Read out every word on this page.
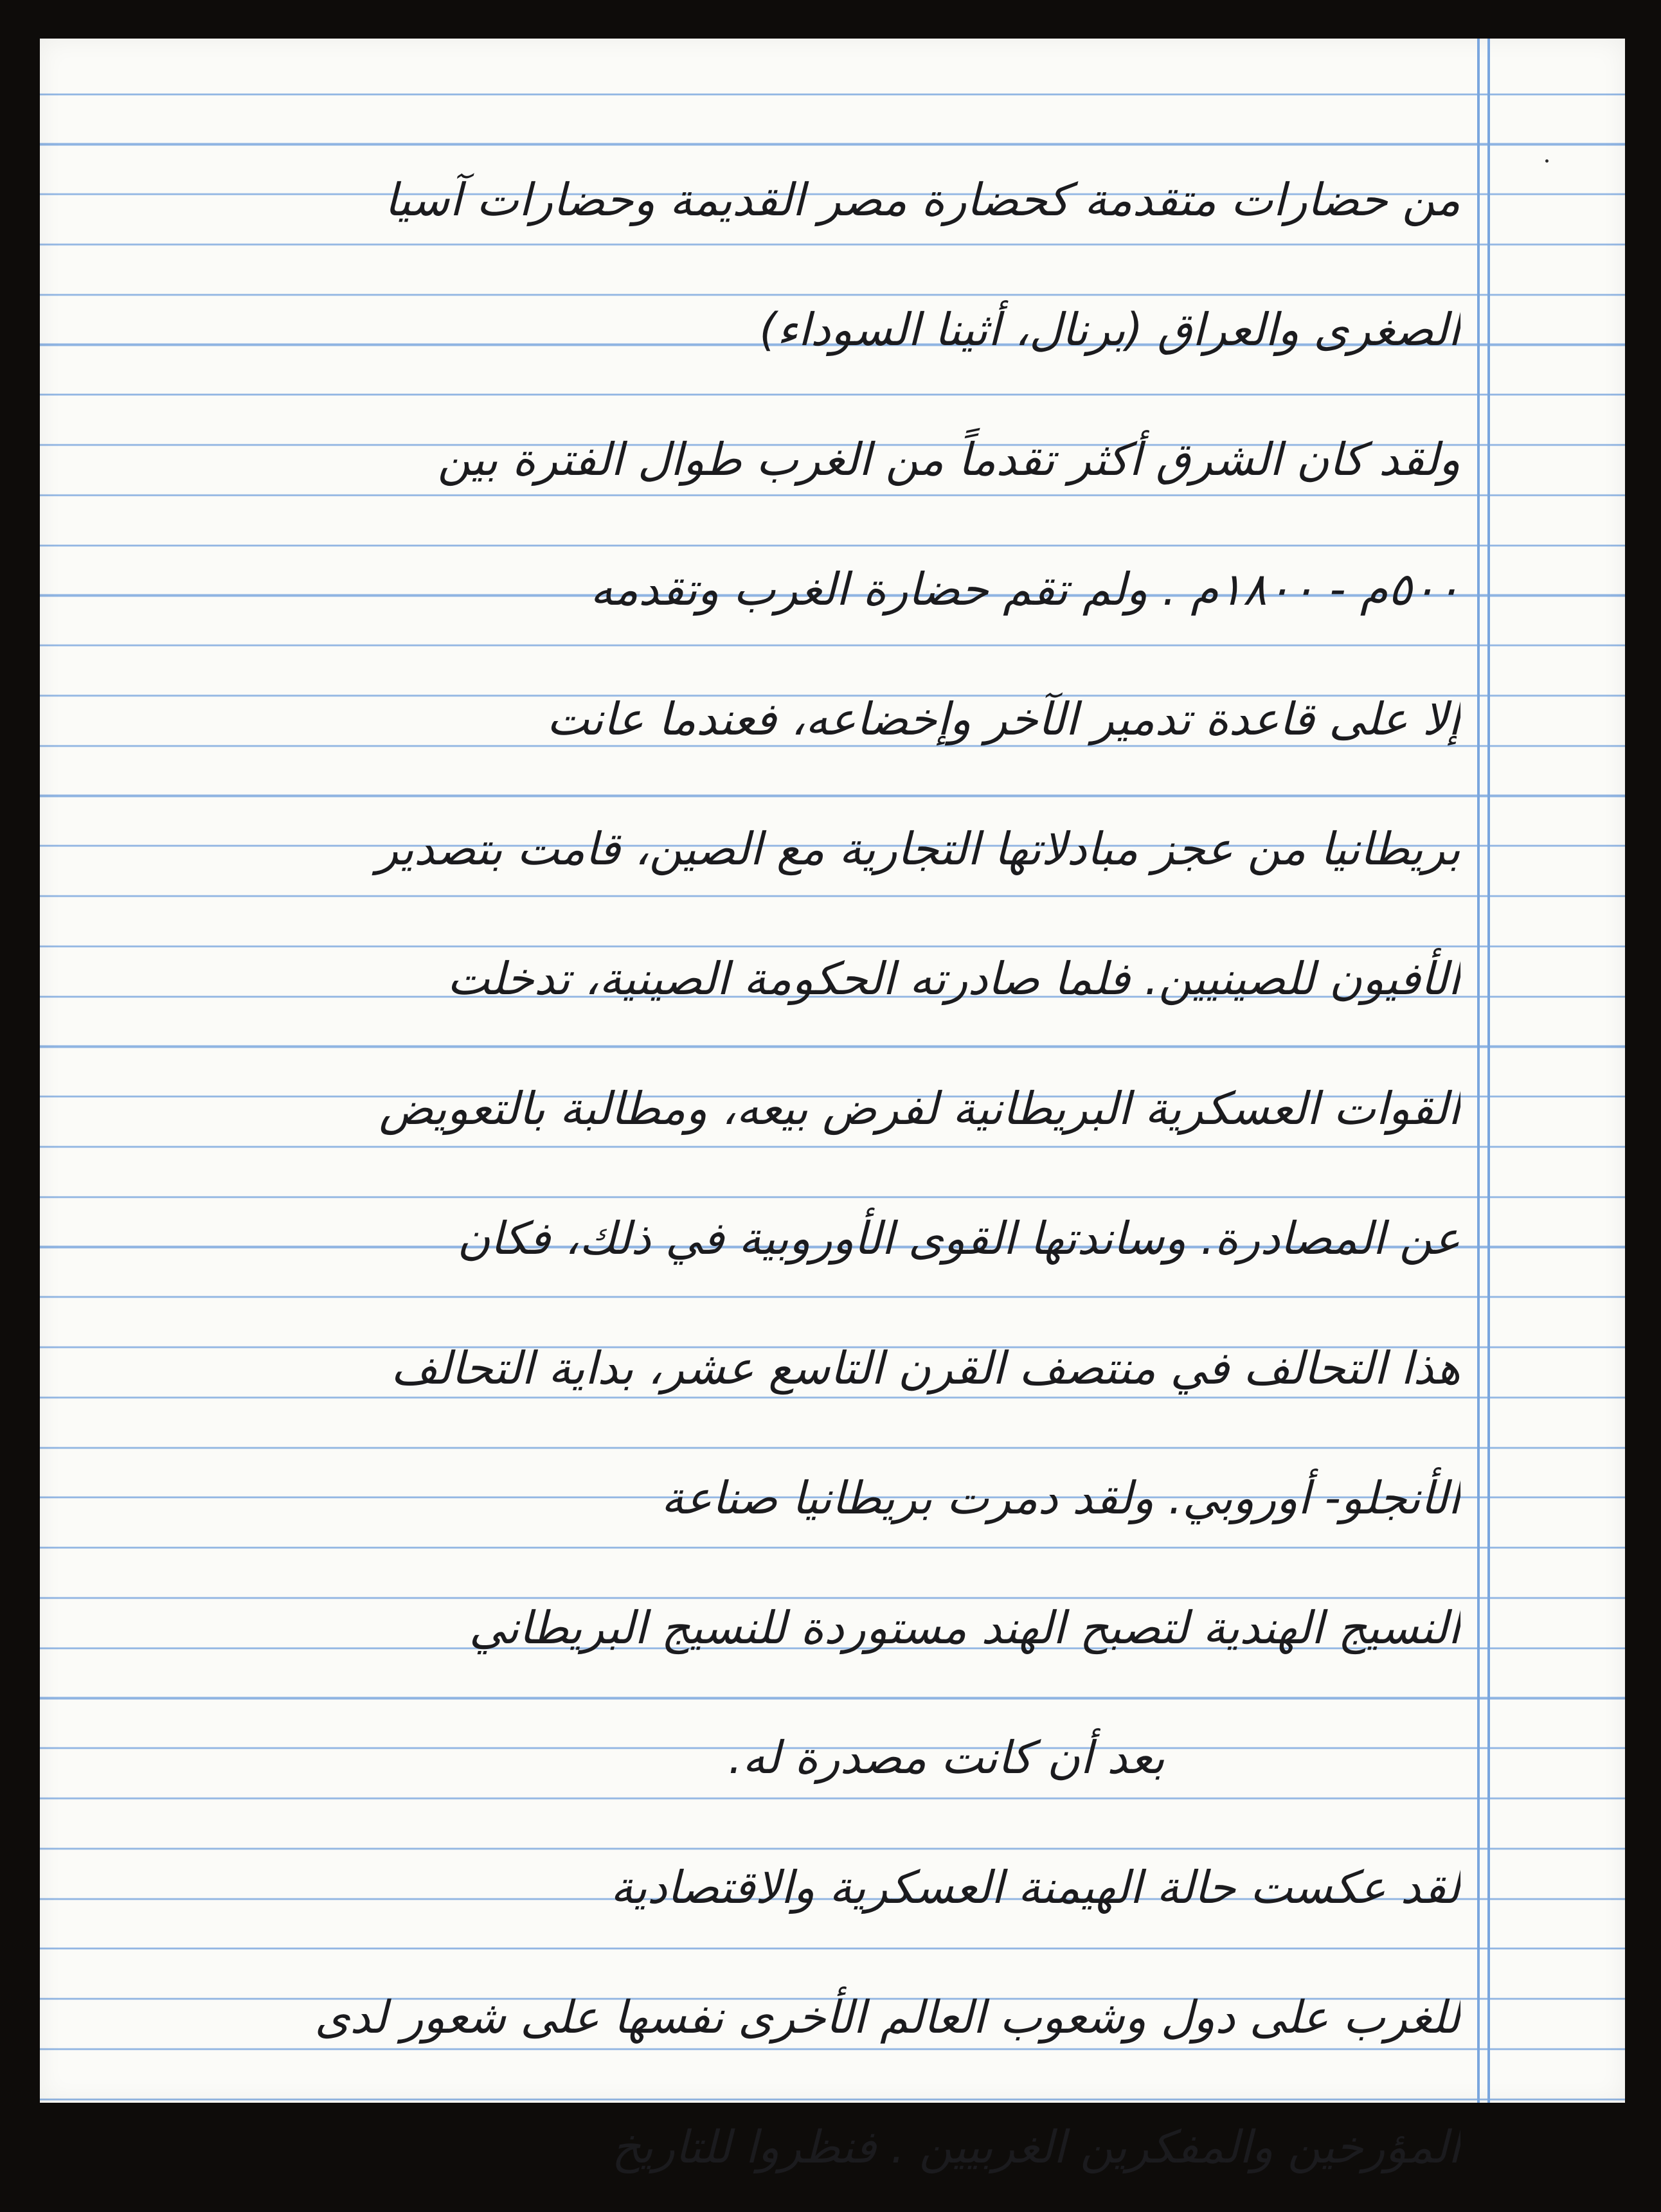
من حضارات متقدمة كحضارة مصر القديمة وحضارات آسيا
الصغرى والعراق (برنال، أثينا السوداء)
ولقد كان الشرق أكثر تقدماً من الغرب طوال الفترة بين
٥٠٠م - ١٨٠٠م . ولم تقم حضارة الغرب وتقدمه
إلا على قاعدة تدمير الآخر وإخضاعه، فعندما عانت
بريطانيا من عجز مبادلاتها التجارية مع الصين، قامت بتصدير
الأفيون للصينيين. فلما صادرته الحكومة الصينية، تدخلت
القوات العسكرية البريطانية لفرض بيعه، ومطالبة بالتعويض
عن المصادرة. وساندتها القوى الأوروبية في ذلك، فكان
هذا التحالف في منتصف القرن التاسع عشر، بداية التحالف
الأنجلو- أوروبي. ولقد دمرت بريطانيا صناعة
النسيج الهندية لتصبح الهند مستوردة للنسيج البريطاني
بعد أن كانت مصدرة له.
لقد عكست حالة الهيمنة العسكرية والاقتصادية
للغرب على دول وشعوب العالم الأخرى نفسها على شعور لدى
المؤرخين والمفكرين الغربيين . فنظروا للتاريخ
